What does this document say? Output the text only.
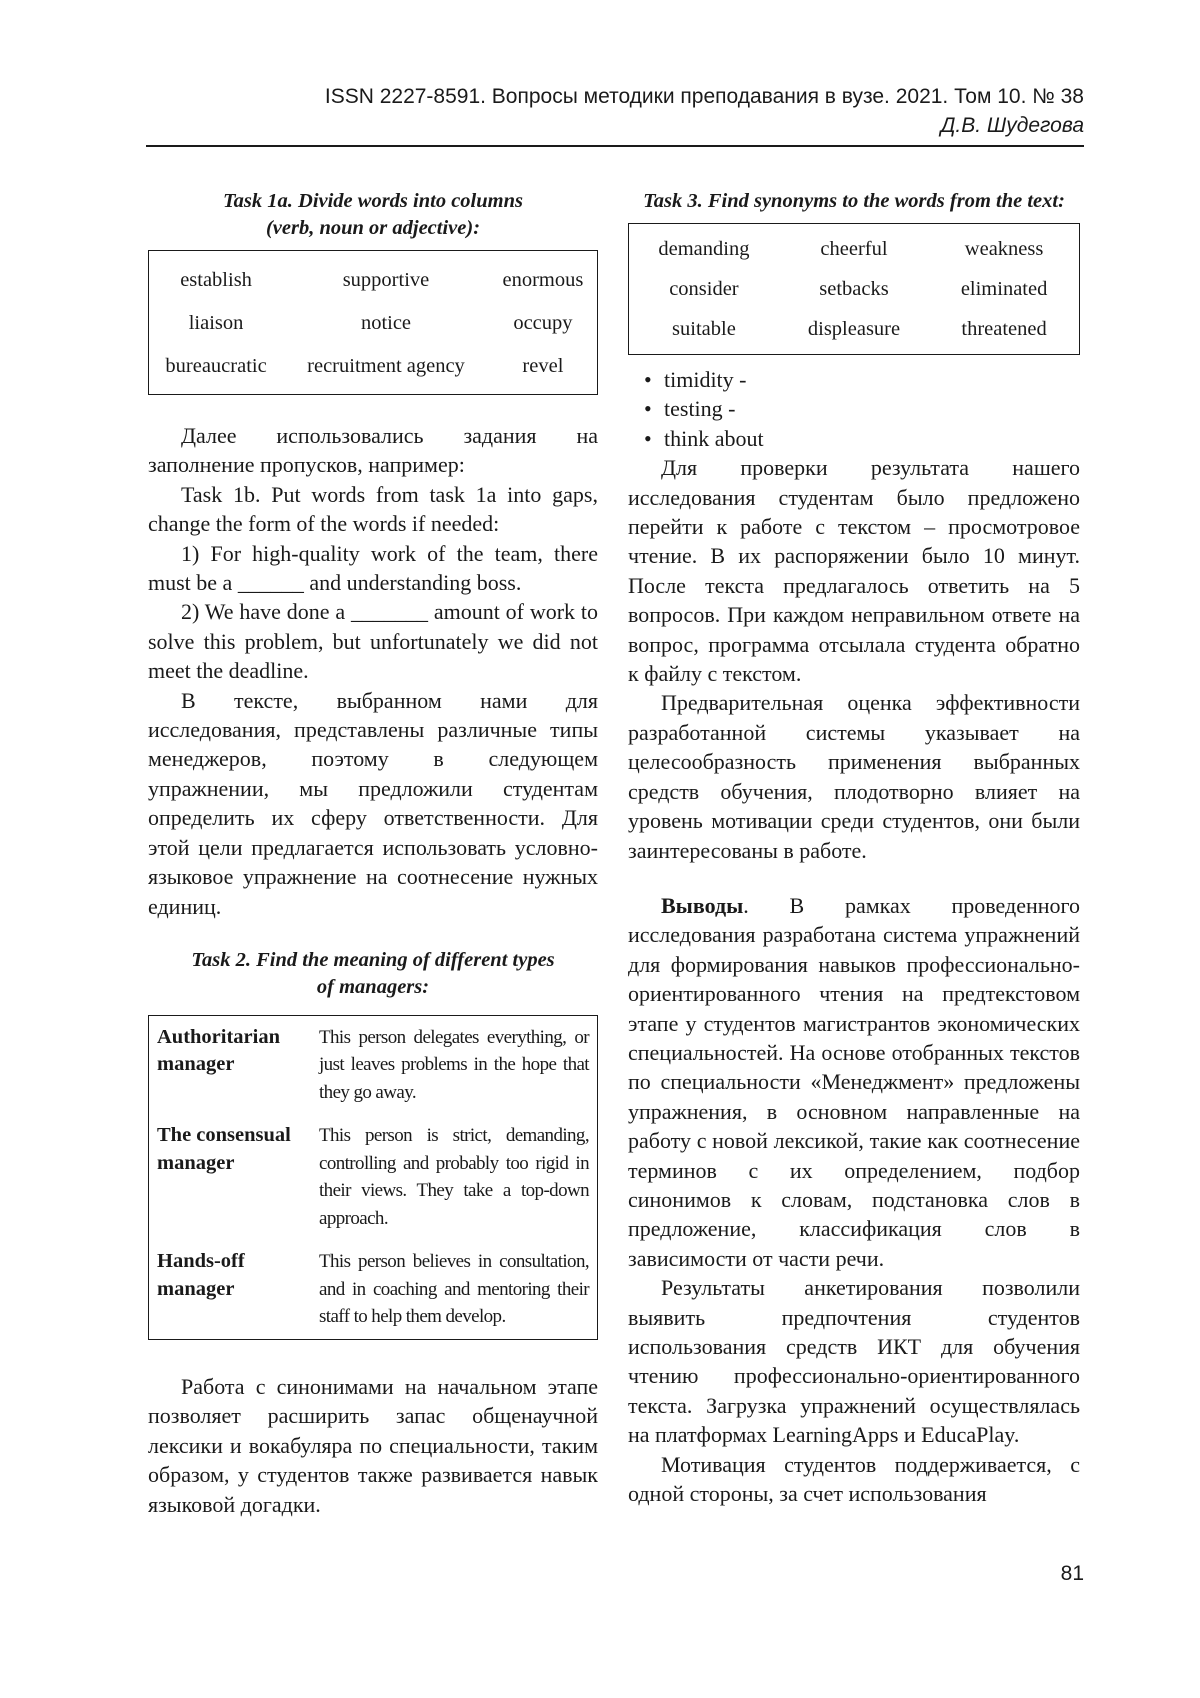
ISSN 2227-8591. Вопросы методики преподавания в вузе. 2021. Том 10. № 38
Д.В. Шудегова
Task 1a. Divide words into columns
(verb, noun or adjective):
establish	supportive	enormous
liaison	notice	occupy
bureaucratic	recruitment agency	revel

Далее использовались задания на заполнение пропусков, например:

Task 1b. Put words from task 1a into gaps, change the form of the words if needed:

1) For high-quality work of the team, there must be a ______ and understanding boss.

2) We have done a _______ amount of work to solve this problem, but unfortunately we did not meet the deadline.

В тексте, выбранном нами для исследования, представлены различные типы менеджеров, поэтому в следующем упражнении, мы предложили студентам определить их сферу ответственности. Для этой цели предлагается использовать условно-языковое упражнение на соотнесение нужных единиц.

Task 2. Find the meaning of different types
of managers:
Authoritarian manager	This person delegates everything, or just leaves problems in the hope that they go away.
The consensual manager	This person is strict, demanding, controlling and probably too rigid in their views. They take a top-down approach.
Hands-off manager	This person believes in consultation, and in coaching and mentoring their staff to help them develop.

Работа с синонимами на начальном этапе позволяет расширить запас общенаучной лексики и вокабуляра по специальности, таким образом, у студентов также развивается навык языковой догадки.

Task 3. Find synonyms to the words from the text:
demanding	cheerful	weakness
consider	setbacks	eliminated
suitable	displeasure	threatened
• timidity -
• testing -
• think about

Для проверки результата нашего исследования студентам было предложено перейти к работе с текстом – просмотровое чтение. В их распоряжении было 10 минут. После текста предлагалось ответить на 5 вопросов. При каждом неправильном ответе на вопрос, программа отсылала студента обратно к файлу с текстом.

Предварительная оценка эффективности разработанной системы указывает на целесообразность применения выбранных средств обучения, плодотворно влияет на уровень мотивации среди студентов, они были заинтересованы в работе.

Выводы. В рамках проведенного исследования разработана система упражнений для формирования навыков профессионально-ориентированного чтения на предтекстовом этапе у студентов магистрантов экономических специальностей. На основе отобранных текстов по специальности «Менеджмент» предложены упражнения, в основном направленные на работу с новой лексикой, такие как соотнесение терминов с их определением, подбор синонимов к словам, подстановка слов в предложение, классификация слов в зависимости от части речи.

Результаты анкетирования позволили выявить предпочтения студентов использования средств ИКТ для обучения чтению профессионально-ориентированного текста. Загрузка упражнений осуществлялась на платформах LearningApps и EducaPlay.

Мотивация студентов поддерживается, с одной стороны, за счет использования

81
